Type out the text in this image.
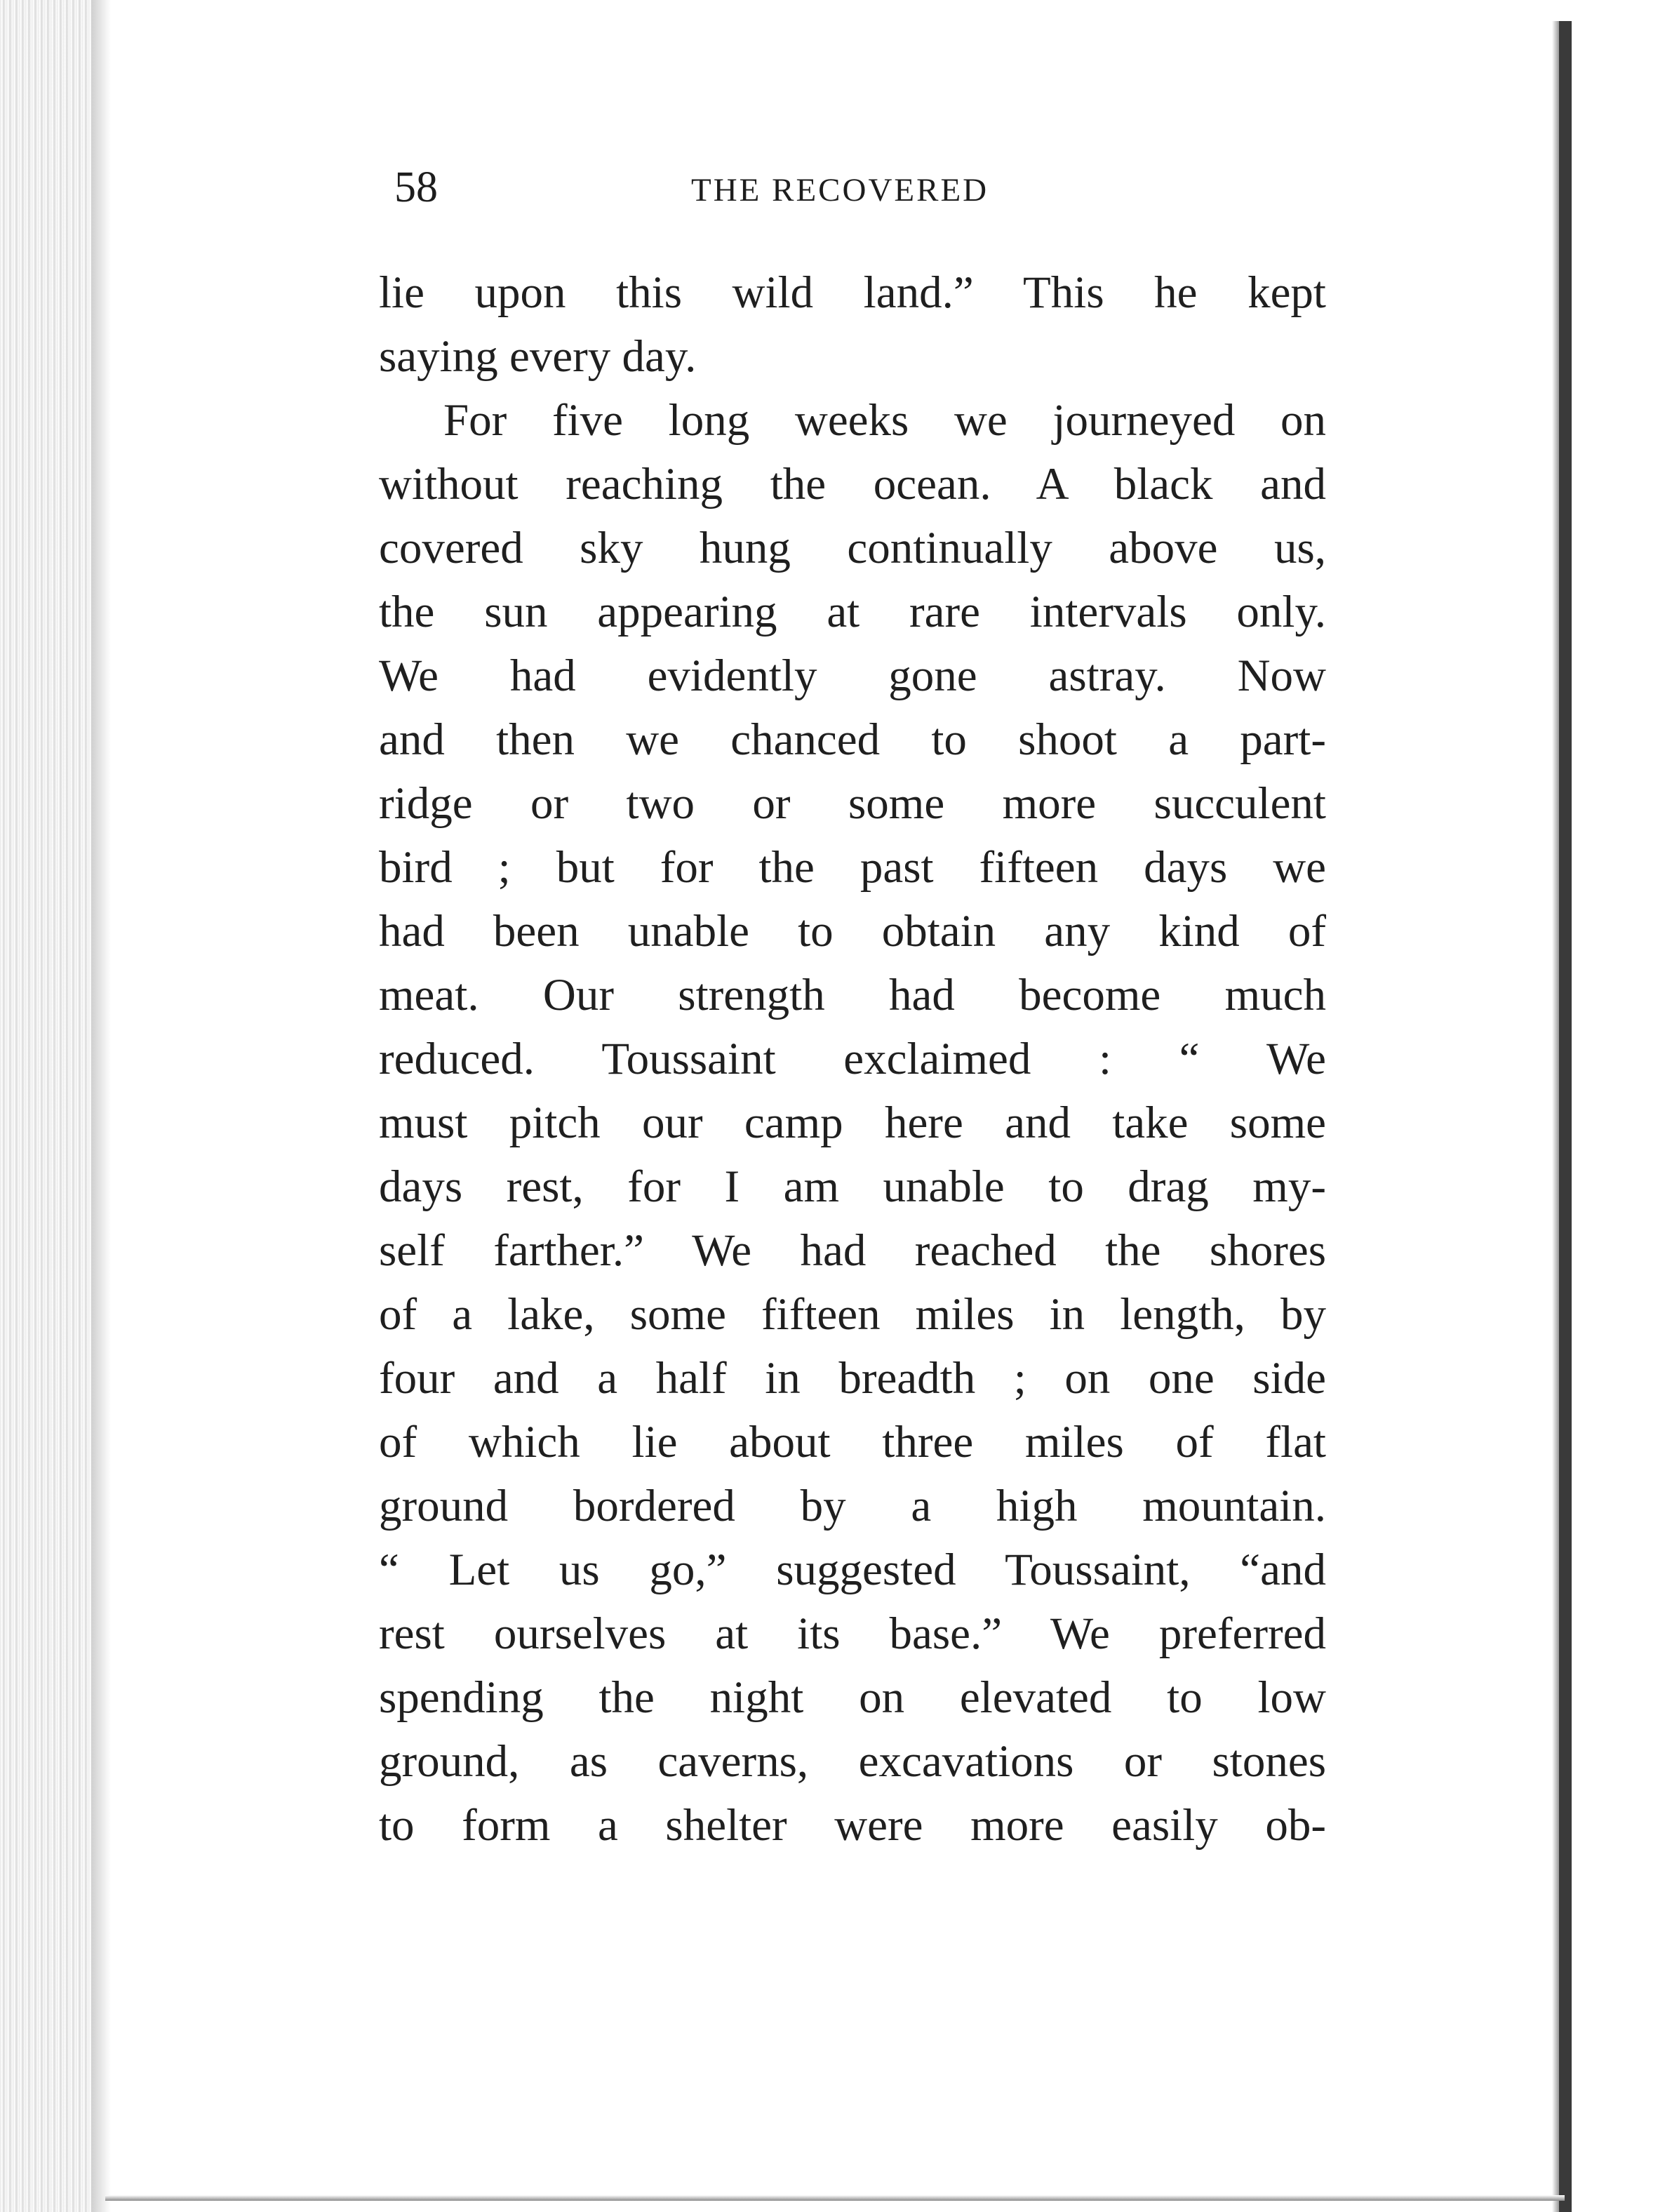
58	THE RECOVERED
lie upon this wild land.” This he kept
saying every day.
For five long weeks we journeyed on
without reaching the ocean. A black and
covered sky hung continually above us,
the sun appearing at rare intervals only.
We had evidently gone astray. Now
and then we chanced to shoot a part-
ridge or two or some more succulent
bird ; but for the past fifteen days we
had been unable to obtain any kind of
meat. Our strength had become much
reduced. Toussaint exclaimed : “ We
must pitch our camp here and take some
days rest, for I am unable to drag my-
self farther.” We had reached the shores
of a lake, some fifteen miles in length, by
four and a half in breadth ; on one side
of which lie about three miles of flat
ground bordered by a high mountain.
“ Let us go,” suggested Toussaint, “and
rest ourselves at its base.” We preferred
spending the night on elevated to low
ground, as caverns, excavations or stones
to form a shelter were more easily ob-
